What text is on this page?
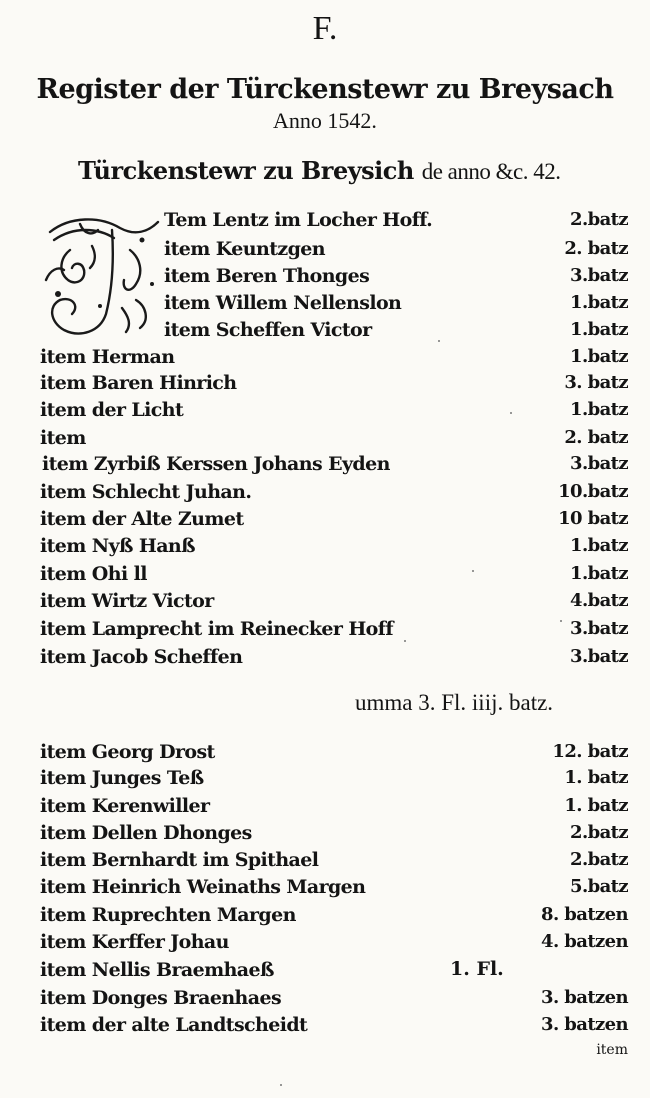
F.
Register der Türckenstewr zu Breysach
Anno 1542.
Türckenstewr zu Breysich de anno &c. 42.
Tem Lentz im Locher Hoff.	2.batz
item Keuntzgen	2. batz
item Beren Thonges	3.batz
item Willem Nellenslon	1.batz
item Scheffen Victor	1.batz
item Herman	1.batz
item Baren Hinrich	3. batz
item der Licht	1.batz
item	2. batz
item Zyrbiß Kerssen Johans Eyden	3.batz
item Schlecht Juhan.	10.batz
item der Alte Zumet	10 batz
item Nyß Hanß	1.batz
item Ohi ll	1.batz
item Wirtz Victor	4.batz
item Lamprecht im Reinecker Hoff	3.batz
item Jacob Scheffen	3.batz
umma 3. Fl. iiij. batz.
item Georg Drost	12. batz
item Junges Teß	1. batz
item Kerenwiller	1. batz
item Dellen Dhonges	2.batz
item Bernhardt im Spithael	2.batz
item Heinrich Weinaths Margen	5.batz
item Ruprechten Margen	8. batzen
item Kerffer Johau	4. batzen
item Nellis Braemhaeß	1. Fl.
item Donges Braenhaes	3. batzen
item der alte Landtscheidt	3. batzen
item
